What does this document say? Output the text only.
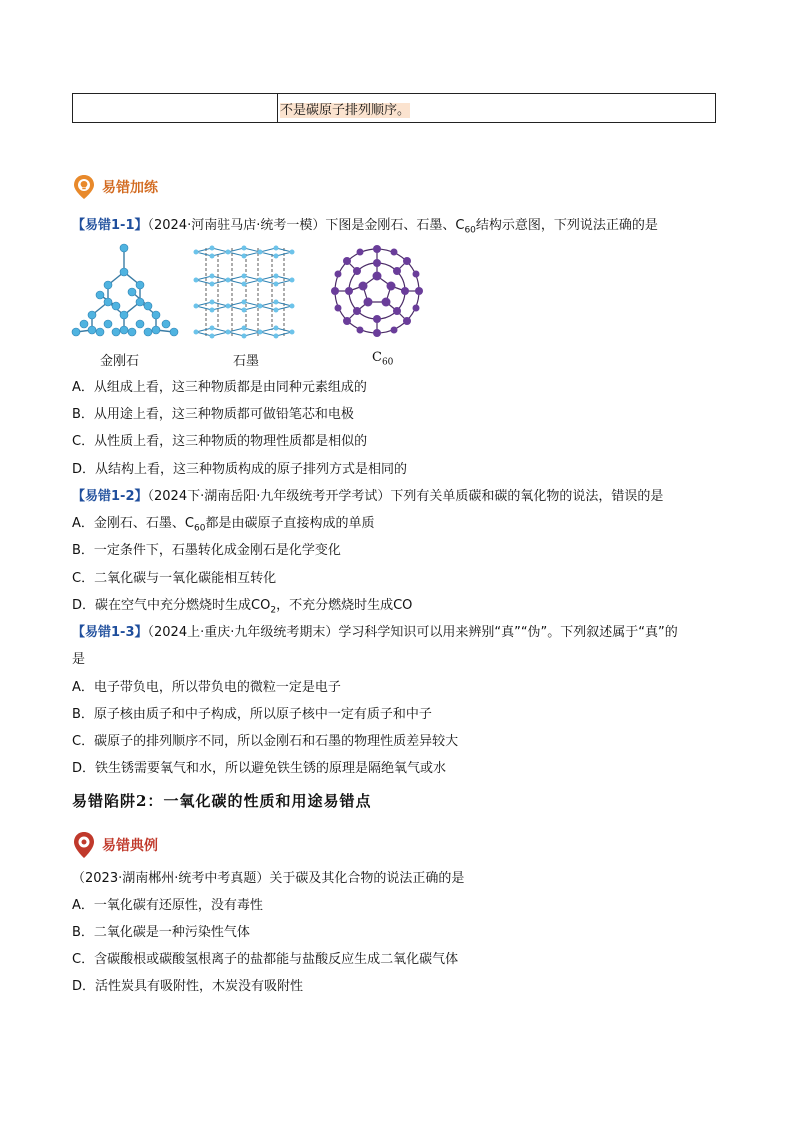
	不是碳原子排列顺序。
易错加练
【易错1-1】（2024·河南驻马店·统考一模）下图是金刚石、石墨、$C_{60}$结构示意图，下列说法正确的是
金刚石	石墨	$C_{60}$
A．从组成上看，这三种物质都是由同种元素组成的
B．从用途上看，这三种物质都可做铅笔芯和电极
C．从性质上看，这三种物质的物理性质都是相似的
D．从结构上看，这三种物质构成的原子排列方式是相同的
【易错1-2】（2024下·湖南岳阳·九年级统考开学考试）下列有关单质碳和碳的氧化物的说法，错误的是
A．金刚石、石墨、$C_{60}$都是由碳原子直接构成的单质
B．一定条件下，石墨转化成金刚石是化学变化
C．二氧化碳与一氧化碳能相互转化
D．碳在空气中充分燃烧时生成$CO_2$，不充分燃烧时生成CO
【易错1-3】（2024上·重庆·九年级统考期末）学习科学知识可以用来辨别“真”“伪”。下列叙述属于“真”的
是
A．电子带负电，所以带负电的微粒一定是电子
B．原子核由质子和中子构成，所以原子核中一定有质子和中子
C．碳原子的排列顺序不同，所以金刚石和石墨的物理性质差异较大
D．铁生锈需要氧气和水，所以避免铁生锈的原理是隔绝氧气或水
易错陷阱2：一氧化碳的性质和用途易错点
易错典例
（2023·湖南郴州·统考中考真题）关于碳及其化合物的说法正确的是
A．一氧化碳有还原性，没有毒性
B．二氧化碳是一种污染性气体
C．含碳酸根或碳酸氢根离子的盐都能与盐酸反应生成二氧化碳气体
D．活性炭具有吸附性，木炭没有吸附性
